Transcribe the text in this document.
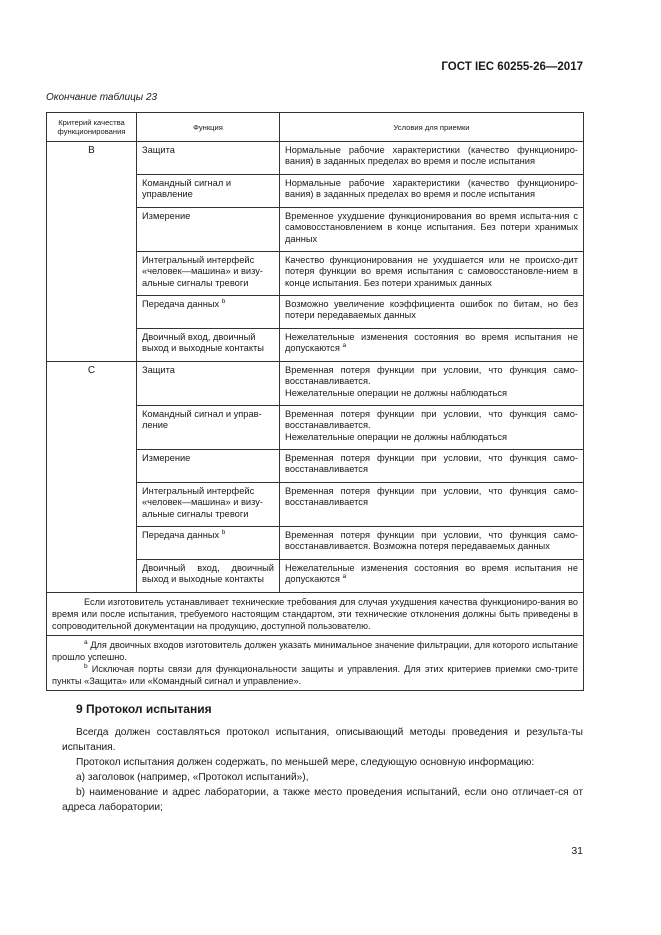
ГОСТ IEC 60255-26—2017
Окончание таблицы 23
Критерий качества функционирования	Функция	Условия для приемки
B	Защита	Нормальные рабочие характеристики (качество функциониро-вания) в заданных пределах во время и после испытания
	Командный сигнал и управление	Нормальные рабочие характеристики (качество функциониро-вания) в заданных пределах во время и после испытания
	Измерение	Временное ухудшение функционирования во время испыта-ния с самовосстановлением в конце испытания. Без потери хранимых данных
	Интегральный интерфейс «человек—машина» и визу-альные сигналы тревоги	Качество функционирования не ухудшается или не происхо-дит потеря функции во время испытания с самовосстановле-нием в конце испытания. Без потери хранимых данных
	Передача данных $^b$	Возможно увеличение коэффициента ошибок по битам, но без потери передаваемых данных
	Двоичный вход, двоичный выход и выходные контакты	Нежелательные изменения состояния во время испытания не допускаются $^a$
C	Защита	Временная потеря функции при условии, что функция само-восстанавливается.
Нежелательные операции не должны наблюдаться

	Командный сигнал и управ-ление	Временная потеря функции при условии, что функция само-восстанавливается.
Нежелательные операции не должны наблюдаться

	Измерение	Временная потеря функции при условии, что функция само-восстанавливается
	Интегральный интерфейс «человек—машина» и визу-альные сигналы тревоги	Временная потеря функции при условии, что функция само-восстанавливается
	Передача данных $^b$	Временная потеря функции при условии, что функция само-восстанавливается. Возможна потеря передаваемых данных
	Двоичный вход, двоичный выход и выходные контакты	Нежелательные изменения состояния во время испытания не допускаются $^a$

Если изготовитель устанавливает технические требования для случая ухудшения качества функциониро-вания во время или после испытания, требуемого настоящим стандартом, эти технические отклонения должны быть приведены в сопроводительной документации на продукцию, доступной пользователю.		

$^a$ Для двоичных входов изготовитель должен указать минимальное значение фильтрации, для которого испытание прошло успешно.

$^b$ Исключая порты связи для функциональности защиты и управления. Для этих критериев приемки смо-трите пункты «Защита» или «Командный сигнал и управление».		

9 Протокол испытания

Всегда должен составляться протокол испытания, описывающий методы проведения и результа-ты испытания.

Протокол испытания должен содержать, по меньшей мере, следующую основную информацию:

a) заголовок (например, «Протокол испытаний»),

b) наименование и адрес лаборатории, а также место проведения испытаний, если оно отличает-ся от адреса лаборатории;

31
